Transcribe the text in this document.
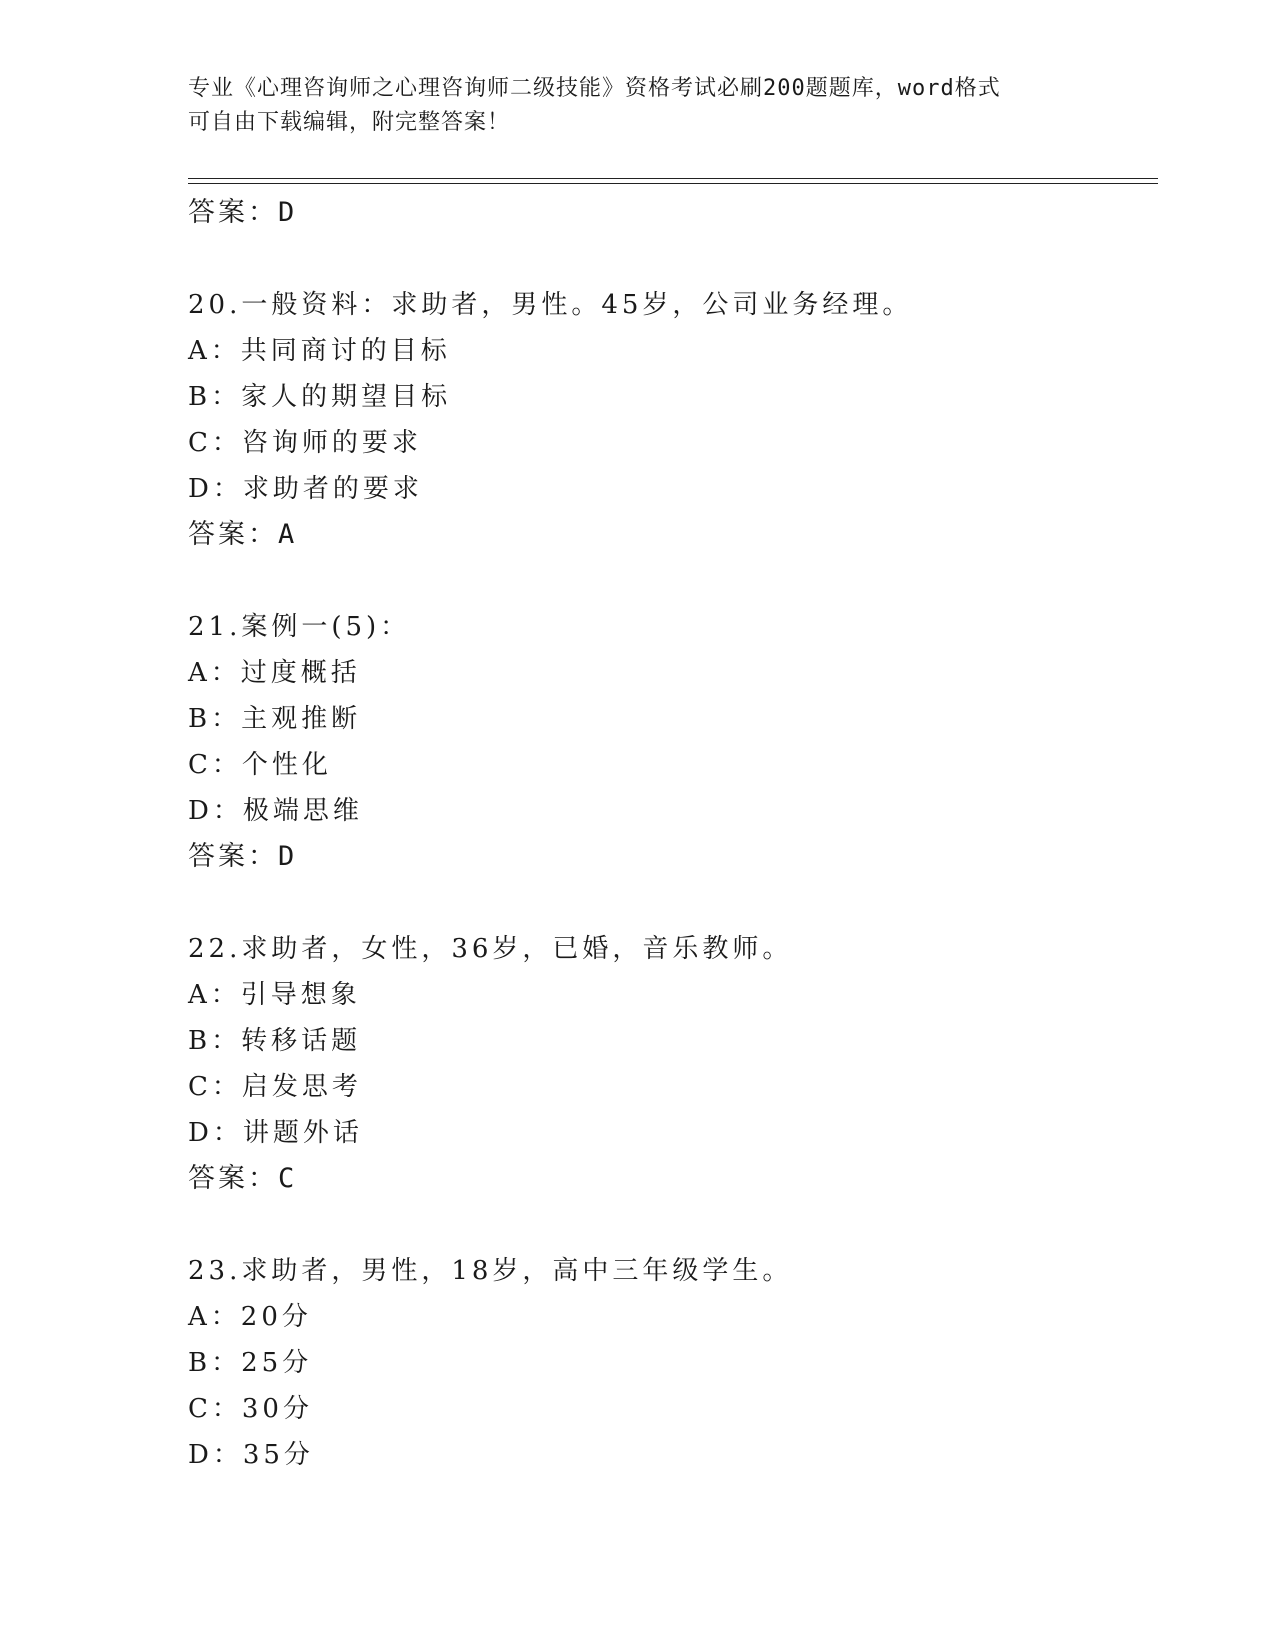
专业《心理咨询师之心理咨询师二级技能》资格考试必刷200题题库，word格式
可自由下载编辑，附完整答案！
答案：D
20.一般资料：求助者，男性。45岁，公司业务经理。
A：共同商讨的目标
B：家人的期望目标
C：咨询师的要求
D：求助者的要求
答案：A
21.案例一(5)：
A：过度概括
B：主观推断
C：个性化
D：极端思维
答案：D
22.求助者，女性，36岁，已婚，音乐教师。
A：引导想象
B：转移话题
C：启发思考
D：讲题外话
答案：C
23.求助者，男性，18岁，高中三年级学生。
A：20分
B：25分
C：30分
D：35分
